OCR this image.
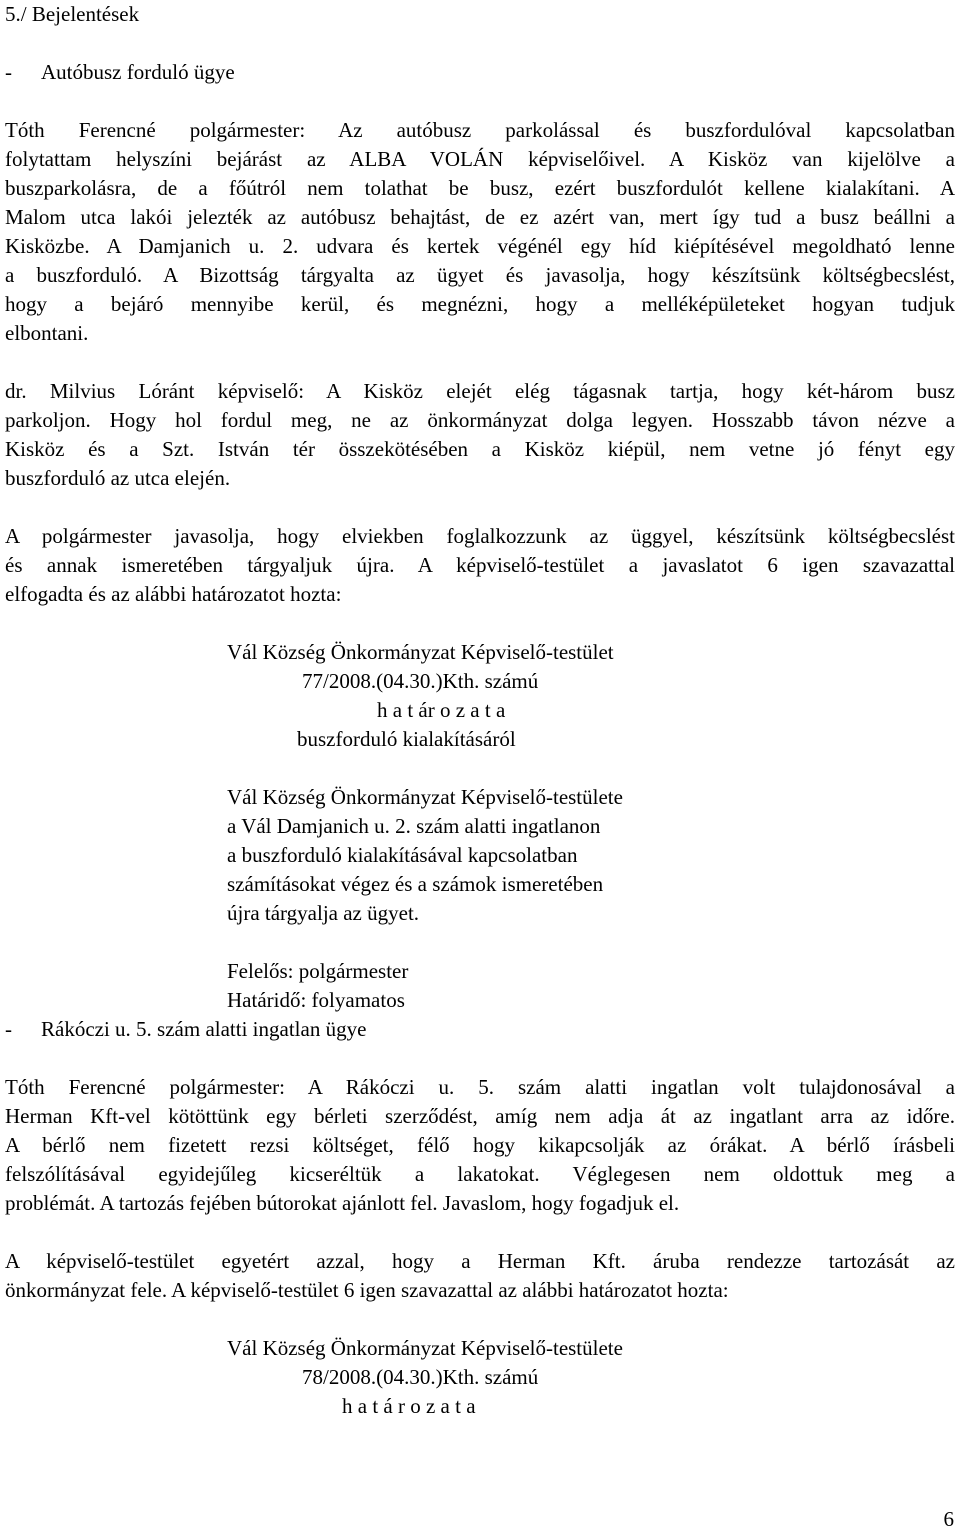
5./ Bejelentések
- Autóbusz forduló ügye
Tóth Ferencné polgármester: Az autóbusz parkolással és buszfordulóval kapcsolatban
folytattam helyszíni bejárást az ALBA VOLÁN képviselőivel. A Kisköz van kijelölve a
buszparkolásra, de a főútról nem tolathat be busz, ezért buszfordulót kellene kialakítani. A
Malom utca lakói jelezték az autóbusz behajtást, de ez azért van, mert így tud a busz beállni a
Kisközbe. A Damjanich u. 2. udvara és kertek végénél egy híd kiépítésével megoldható lenne
a buszforduló. A Bizottság tárgyalta az ügyet és javasolja, hogy készítsünk költségbecslést,
hogy a bejáró mennyibe kerül, és megnézni, hogy a melléképületeket hogyan tudjuk
elbontani.
dr. Milvius Lóránt képviselő: A Kisköz elejét elég tágasnak tartja, hogy két-három busz
parkoljon. Hogy hol fordul meg, ne az önkormányzat dolga legyen. Hosszabb távon nézve a
Kisköz és a Szt. István tér összekötésében a Kisköz kiépül, nem vetne jó fényt egy
buszforduló az utca elején.
A polgármester javasolja, hogy elviekben foglalkozzunk az üggyel, készítsünk költségbecslést
és annak ismeretében tárgyaljuk újra. A képviselő-testület a javaslatot 6 igen szavazattal
elfogadta és az alábbi határozatot hozta:
Vál Község Önkormányzat Képviselő-testület
77/2008.(04.30.)Kth. számú
h a t ár o z a t a
buszforduló kialakításáról
Vál Község Önkormányzat Képviselő-testülete
a Vál Damjanich u. 2. szám alatti ingatlanon
a buszforduló kialakításával kapcsolatban
számításokat végez és a számok ismeretében
újra tárgyalja az ügyet.
Felelős: polgármester
Határidő: folyamatos
- Rákóczi u. 5. szám alatti ingatlan ügye
Tóth Ferencné polgármester: A Rákóczi u. 5. szám alatti ingatlan volt tulajdonosával a
Herman Kft-vel kötöttünk egy bérleti szerződést, amíg nem adja át az ingatlant arra az időre.
A bérlő nem fizetett rezsi költséget, félő hogy kikapcsolják az órákat. A bérlő írásbeli
felszólításával egyidejűleg kicseréltük a lakatokat. Véglegesen nem oldottuk meg a
problémát. A tartozás fejében bútorokat ajánlott fel. Javaslom, hogy fogadjuk el.
A képviselő-testület egyetért azzal, hogy a Herman Kft. áruba rendezze tartozását az
önkormányzat fele. A képviselő-testület 6 igen szavazattal az alábbi határozatot hozta:
Vál Község Önkormányzat Képviselő-testülete
78/2008.(04.30.)Kth. számú
h a t á r o z a t a
6
